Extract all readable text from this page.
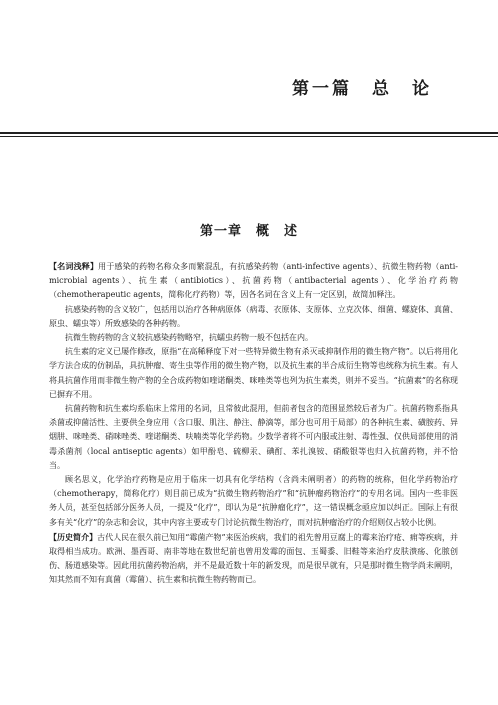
第一篇　总　论
第一章　概　述

【名词浅释】用于感染的药物名称众多而繁混乱，有抗感染药物（anti-infective agents）、抗微生物药物（anti-microbial agents）、抗生素（antibiotics）、抗菌药物（antibacterial agents）、化学治疗药物（chemotherapeutic agents，简称化疗药物）等，因各名词在含义上有一定区别，故简加释注。

抗感染药物的含义较广，包括用以治疗各种病原体（病毒、衣原体、支原体、立克次体、细菌、螺旋体、真菌、原虫、蠕虫等）所致感染的各种药物。

抗微生物药物的含义较抗感染药物略窄，抗蠕虫药物一般不包括在内。

抗生素的定义已屡作修改，原指“在高稀释度下对一些特异微生物有杀灭或抑制作用的微生物产物”。以后将用化学方法合成的仿制品，具抗肿瘤、寄生虫等作用的微生物产物，以及抗生素的半合成衍生物等也统称为抗生素。有人将具抗菌作用而非微生物产物的全合成药物如喹诺酮类、咪唑类等也列为抗生素类，则并不妥当。“抗菌素”的名称现已摒弃不用。

抗菌药物和抗生素均系临床上常用的名词，且常彼此混用，但前者包含的范围显然较后者为广。抗菌药物系指具杀菌或抑菌活性、主要供全身应用（含口服、肌注、静注、静滴等，部分也可用于局部）的各种抗生素、磺胺药、异烟肼、咪唑类、硝咪唑类、喹诺酮类、呋喃类等化学药物。少数学者将不可内服或注射、毒性强、仅供局部使用的消毒杀菌剂（local antiseptic agents）如甲酚皂、硫柳汞、碘酊、苯扎溴铵、硝酸银等也归入抗菌药物，并不恰当。

顾名思义，化学治疗药物是应用于临床一切具有化学结构（含尚未阐明者）的药物的统称，但化学药物治疗（chemotherapy，简称化疗）则目前已成为“抗微生物药物治疗”和“抗肿瘤药物治疗”的专用名词。国内一些非医务人员，甚至包括部分医务人员，一提及“化疗”，即认为是“抗肿瘤化疗”，这一错误概念亟应加以纠正。国际上有很多有关“化疗”的杂志和会议，其中内容主要或专门讨论抗微生物治疗，而对抗肿瘤治疗的介绍则仅占较小比例。

【历史简介】古代人民在很久前已知用“霉菌产物”来医治疾病，我们的祖先曾用豆腐上的霉来治疗疮、痈等疾病，并取得相当成功。欧洲、墨西哥、南非等地在数世纪前也曾用发霉的面包、玉蜀黍、旧鞋等来治疗皮肤溃疡、化脓创伤、肠道感染等。因此用抗菌药物治病，并不是最近数十年的新发现，而是很早就有，只是那时微生物学尚未阐明，知其然而不知有真菌（霉菌）、抗生素和抗微生物药物而已。
